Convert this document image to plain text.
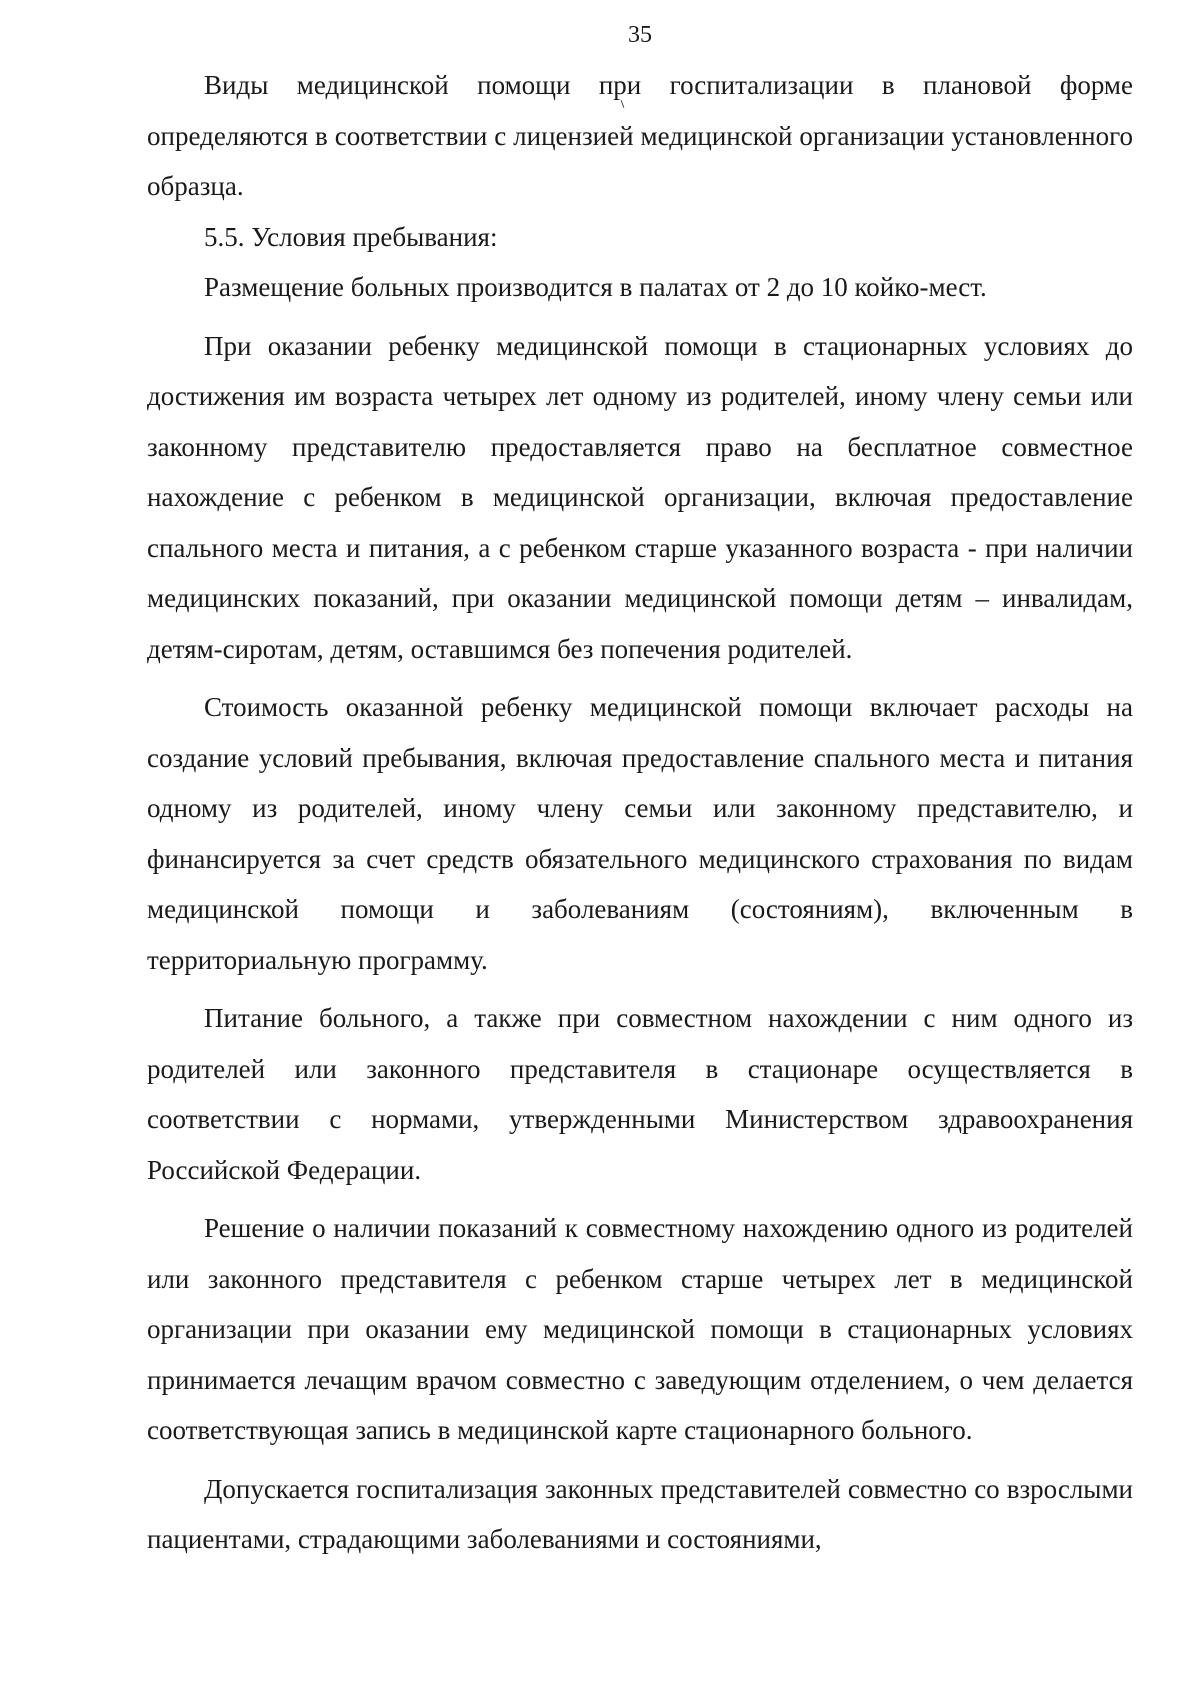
35

Виды медицинской помощи при госпитализации в плановой форме определяются в соответствии с лицензией медицинской организации установленного образца.

5.5. Условия пребывания:

Размещение больных производится в палатах от 2 до 10 койко-мест.

При оказании ребенку медицинской помощи в стационарных условиях до достижения им возраста четырех лет одному из родителей, иному члену семьи или законному представителю предоставляется право на бесплатное совместное нахождение с ребенком в медицинской организации, включая предоставление спального места и питания, а с ребенком старше указанного возраста - при наличии медицинских показаний, при оказании медицинской помощи детям – инвалидам, детям-сиротам, детям, оставшимся без попечения родителей.

Стоимость оказанной ребенку медицинской помощи включает расходы на создание условий пребывания, включая предоставление спального места и питания одному из родителей, иному члену семьи или законному представителю, и финансируется за счет средств обязательного медицинского страхования по видам медицинской помощи и заболеваниям (состояниям), включенным в территориальную программу.

Питание больного, а также при совместном нахождении с ним одного из родителей или законного представителя в стационаре осуществляется в соответствии с нормами, утвержденными Министерством здравоохранения Российской Федерации.

Решение о наличии показаний к совместному нахождению одного из родителей или законного представителя с ребенком старше четырех лет в медицинской организации при оказании ему медицинской помощи в стационарных условиях принимается лечащим врачом совместно с заведующим отделением, о чем делается соответствующая запись в медицинской карте стационарного больного.

Допускается госпитализация законных представителей совместно со взрослыми пациентами, страдающими заболеваниями и состояниями,
